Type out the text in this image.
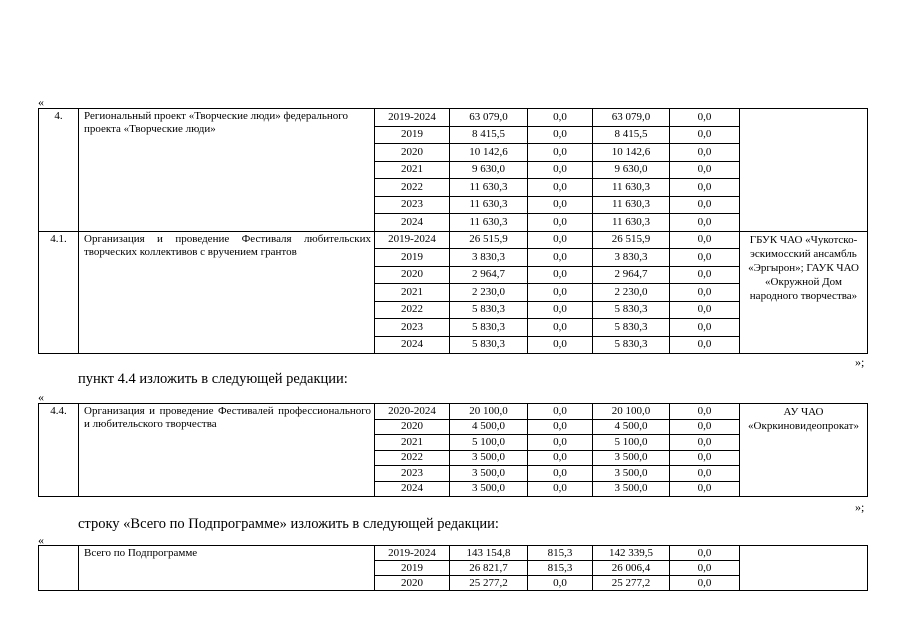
«
4.	Региональный проект «Творческие люди» федерального проекта «Творческие люди»	2019-2024	63 079,0	0,0	63 079,0	0,0	
		2019	8 415,5	0,0	8 415,5	0,0	
		2020	10 142,6	0,0	10 142,6	0,0	
		2021	9 630,0	0,0	9 630,0	0,0	
		2022	11 630,3	0,0	11 630,3	0,0	
		2023	11 630,3	0,0	11 630,3	0,0	
		2024	11 630,3	0,0	11 630,3	0,0	
4.1.	Организация и проведение Фестиваля любительских творческих коллективов с вручением грантов	2019-2024	26 515,9	0,0	26 515,9	0,0	ГБУК ЧАО «Чукотско-эскимосский ансамбль «Эргырон»; ГАУК ЧАО «Окружной Дом народного творчества»
		2019	3 830,3	0,0	3 830,3	0,0	
		2020	2 964,7	0,0	2 964,7	0,0	
		2021	2 230,0	0,0	2 230,0	0,0	
		2022	5 830,3	0,0	5 830,3	0,0	
		2023	5 830,3	0,0	5 830,3	0,0	
		2024	5 830,3	0,0	5 830,3	0,0	
»;
пункт 4.4 изложить в следующей редакции:
«
4.4.	Организация и проведение Фестивалей профессионального и любительского творчества	2020-2024	20 100,0	0,0	20 100,0	0,0	АУ ЧАО «Окркиновидеопрокат»
		2020	4 500,0	0,0	4 500,0	0,0	
		2021	5 100,0	0,0	5 100,0	0,0	
		2022	3 500,0	0,0	3 500,0	0,0	
		2023	3 500,0	0,0	3 500,0	0,0	
		2024	3 500,0	0,0	3 500,0	0,0	
»;
строку «Всего по Подпрограмме» изложить в следующей редакции:
«
	Всего по Подпрограмме	2019-2024	143 154,8	815,3	142 339,5	0,0	
		2019	26 821,7	815,3	26 006,4	0,0	
		2020	25 277,2	0,0	25 277,2	0,0	
